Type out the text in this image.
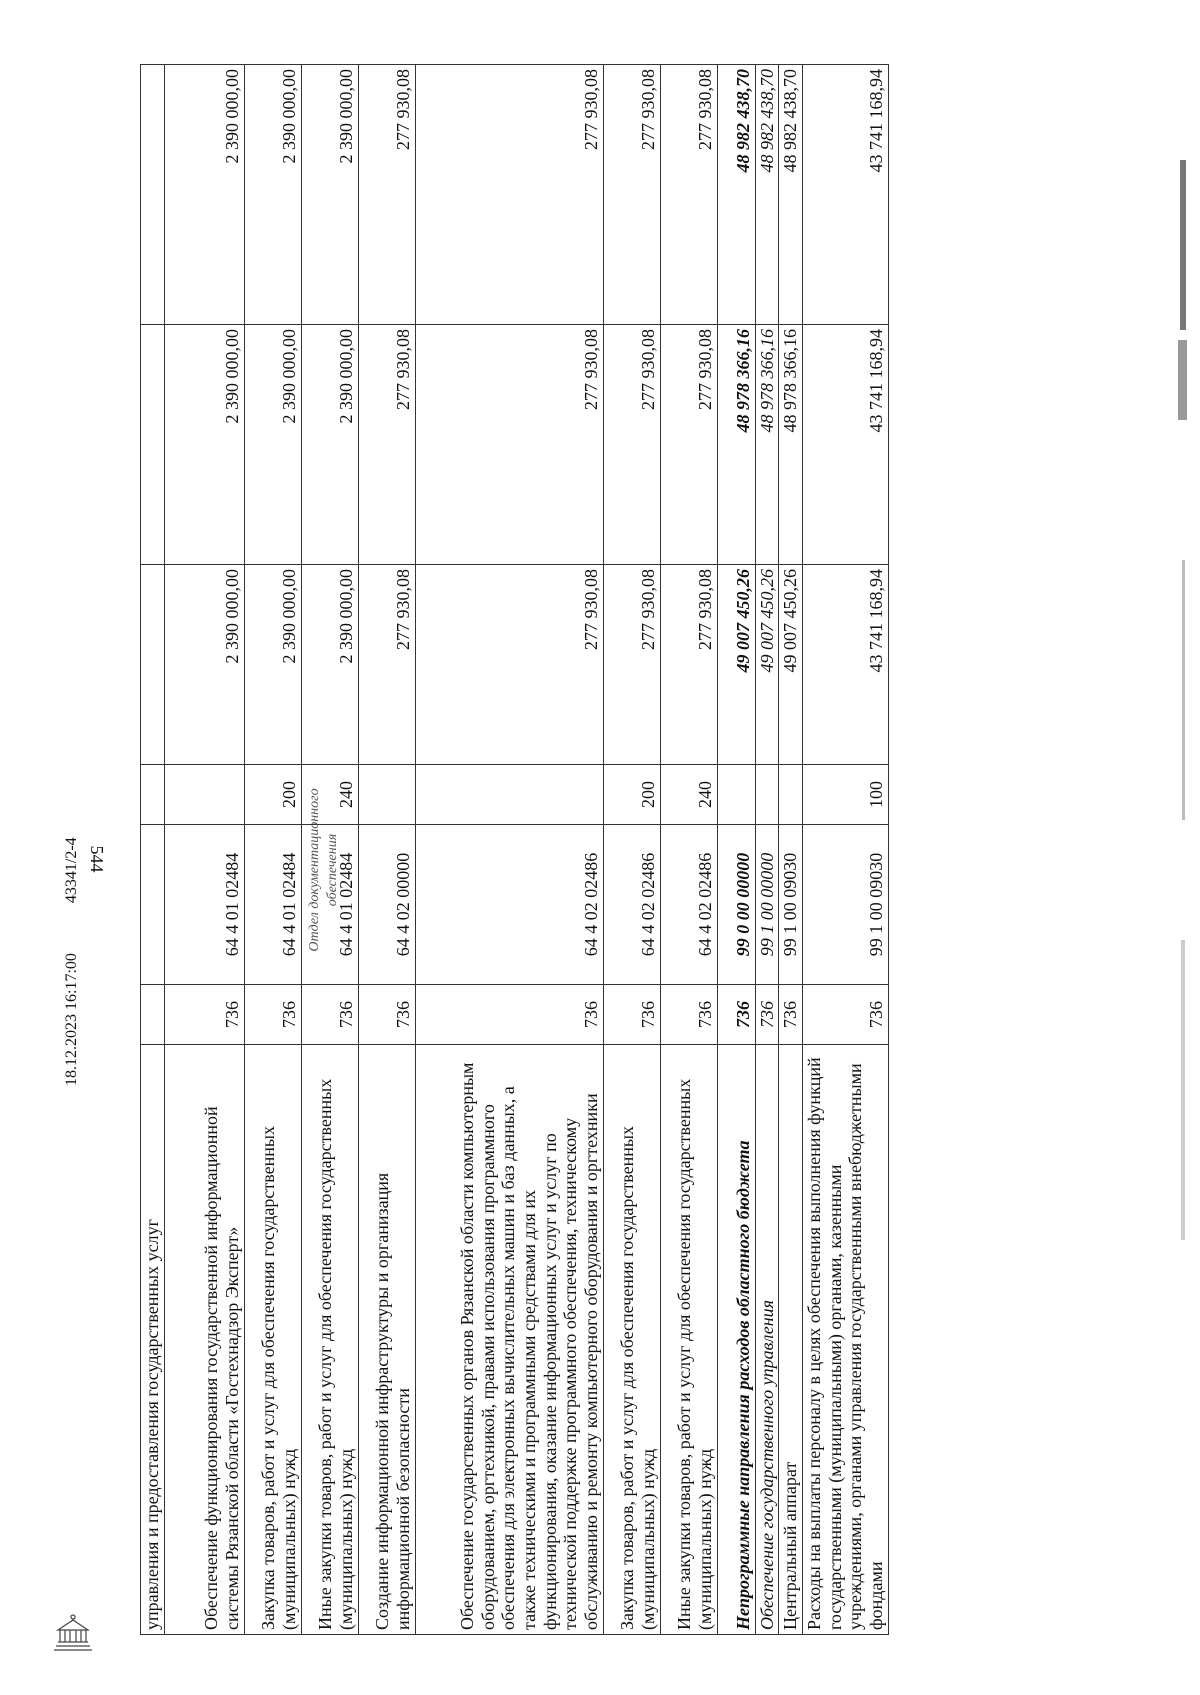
544	Отдел документационного обеспечения
18.12.2023 16:17:0043341/2-4
управления и предоставления государственных услуг						
Обеспечение функционирования государственной информационной системы Рязанской области «Гостехнадзор Эксперт»	736	64 4 01 02484		2 390 000,00	2 390 000,00	2 390 000,00
Закупка товаров, работ и услуг для обеспечения государственных (муниципальных) нужд	736	64 4 01 02484	200	2 390 000,00	2 390 000,00	2 390 000,00
Иные закупки товаров, работ и услуг для обеспечения государственных (муниципальных) нужд	736	64 4 01 02484	240	2 390 000,00	2 390 000,00	2 390 000,00
Создание информационной инфраструктуры и организация информационной безопасности	736	64 4 02 00000		277 930,08	277 930,08	277 930,08
Обеспечение государственных органов Рязанской области компьютерным оборудованием, оргтехникой, правами использования программного обеспечения для электронных вычислительных машин и баз данных, а также техническими и программными средствами для их функционирования, оказание информационных услуг и услуг по технической поддержке программного обеспечения, техническому обслуживанию и ремонту компьютерного оборудования и оргтехники	736	64 4 02 02486		277 930,08	277 930,08	277 930,08
Закупка товаров, работ и услуг для обеспечения государственных (муниципальных) нужд	736	64 4 02 02486	200	277 930,08	277 930,08	277 930,08
Иные закупки товаров, работ и услуг для обеспечения государственных (муниципальных) нужд	736	64 4 02 02486	240	277 930,08	277 930,08	277 930,08
Непрограммные направления расходов областного бюджета	736	99 0 00 00000		49 007 450,26	48 978 366,16	48 982 438,70
Обеспечение государственного управления	736	99 1 00 00000		49 007 450,26	48 978 366,16	48 982 438,70
Центральный аппарат	736	99 1 00 09030		49 007 450,26	48 978 366,16	48 982 438,70
Расходы на выплаты персоналу в целях обеспечения выполнения функций государственными (муниципальными) органами, казенными учреждениями, органами управления государственными внебюджетными фондами	736	99 1 00 09030	100	43 741 168,94	43 741 168,94	43 741 168,94
